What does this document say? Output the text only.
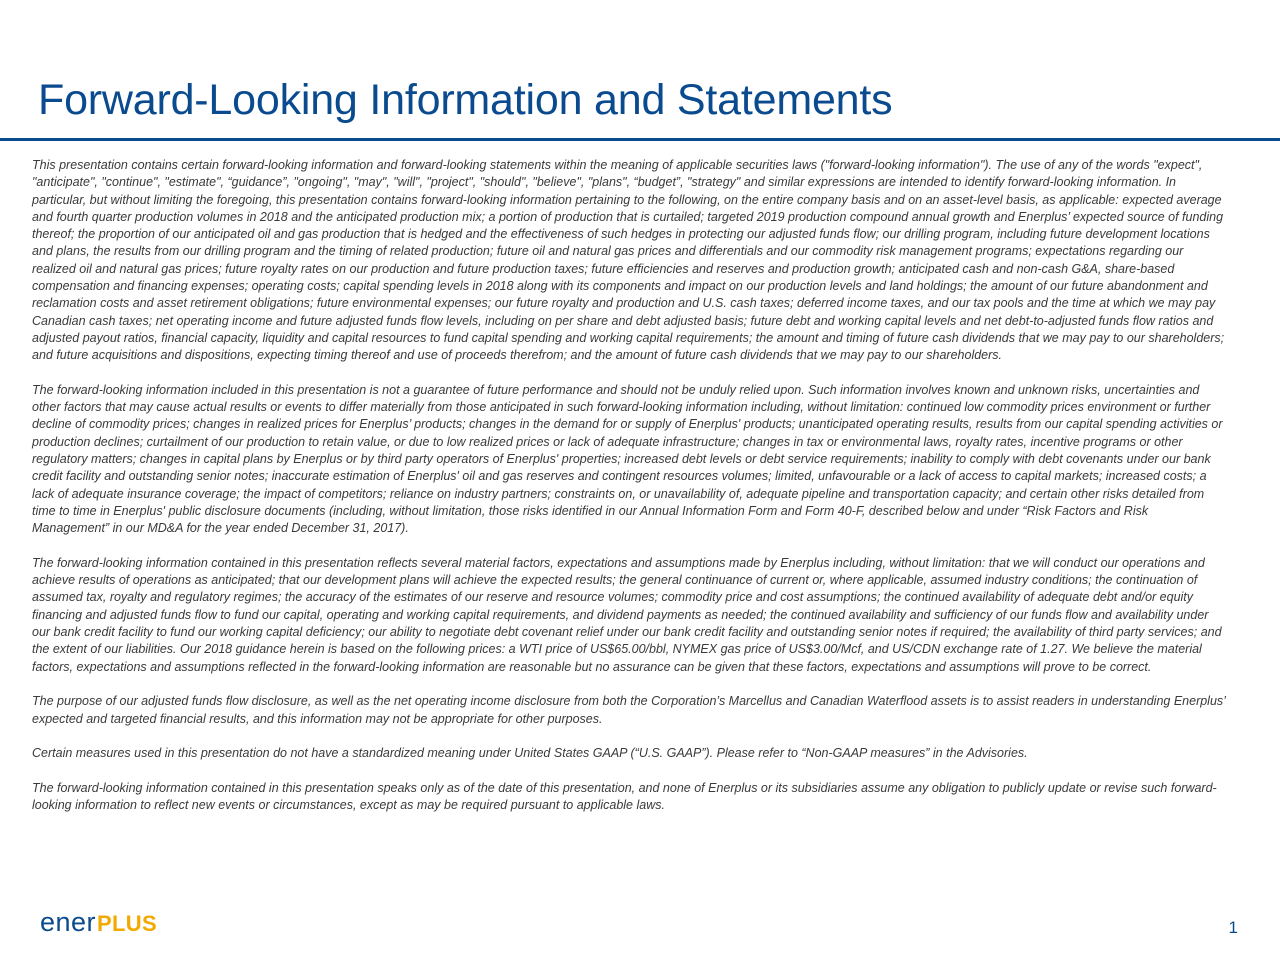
Forward-Looking Information and Statements

This presentation contains certain forward-looking information and forward-looking statements within the meaning of applicable securities laws ("forward-looking information"). The use of any of the words "expect", "anticipate", "continue", "estimate", “guidance”, "ongoing", "may", "will", "project", "should", "believe", "plans", “budget”, "strategy" and similar expressions are intended to identify forward-looking information. In particular, but without limiting the foregoing, this presentation contains forward-looking information pertaining to the following, on the entire company basis and on an asset-level basis, as applicable: expected average and fourth quarter production volumes in 2018 and the anticipated production mix; a portion of production that is curtailed; targeted 2019 production compound annual growth and Enerplus’ expected source of funding thereof; the proportion of our anticipated oil and gas production that is hedged and the effectiveness of such hedges in protecting our adjusted funds flow; our drilling program, including future development locations and plans, the results from our drilling program and the timing of related production; future oil and natural gas prices and differentials and our commodity risk management programs; expectations regarding our realized oil and natural gas prices; future royalty rates on our production and future production taxes; future efficiencies and reserves and production growth; anticipated cash and non-cash G&A, share-based compensation and financing expenses; operating costs; capital spending levels in 2018 along with its components and impact on our production levels and land holdings; the amount of our future abandonment and reclamation costs and asset retirement obligations; future environmental expenses; our future royalty and production and U.S. cash taxes; deferred income taxes, and our tax pools and the time at which we may pay Canadian cash taxes; net operating income and future adjusted funds flow levels, including on per share and debt adjusted basis; future debt and working capital levels and net debt-to-adjusted funds flow ratios and adjusted payout ratios, financial capacity, liquidity and capital resources to fund capital spending and working capital requirements; the amount and timing of future cash dividends that we may pay to our shareholders; and future acquisitions and dispositions, expecting timing thereof and use of proceeds therefrom; and the amount of future cash dividends that we may pay to our shareholders.

The forward-looking information included in this presentation is not a guarantee of future performance and should not be unduly relied upon. Such information involves known and unknown risks, uncertainties and other factors that may cause actual results or events to differ materially from those anticipated in such forward-looking information including, without limitation: continued low commodity prices environment or further decline of commodity prices; changes in realized prices for Enerplus’ products; changes in the demand for or supply of Enerplus' products; unanticipated operating results, results from our capital spending activities or production declines; curtailment of our production to retain value, or due to low realized prices or lack of adequate infrastructure; changes in tax or environmental laws, royalty rates, incentive programs or other regulatory matters; changes in capital plans by Enerplus or by third party operators of Enerplus' properties; increased debt levels or debt service requirements; inability to comply with debt covenants under our bank credit facility and outstanding senior notes; inaccurate estimation of Enerplus' oil and gas reserves and contingent resources volumes; limited, unfavourable or a lack of access to capital markets; increased costs; a lack of adequate insurance coverage; the impact of competitors; reliance on industry partners; constraints on, or unavailability of, adequate pipeline and transportation capacity; and certain other risks detailed from time to time in Enerplus' public disclosure documents (including, without limitation, those risks identified in our Annual Information Form and Form 40-F, described below and under “Risk Factors and Risk Management” in our MD&A for the year ended December 31, 2017).

The forward-looking information contained in this presentation reflects several material factors, expectations and assumptions made by Enerplus including, without limitation: that we will conduct our operations and achieve results of operations as anticipated; that our development plans will achieve the expected results; the general continuance of current or, where applicable, assumed industry conditions; the continuation of assumed tax, royalty and regulatory regimes; the accuracy of the estimates of our reserve and resource volumes; commodity price and cost assumptions; the continued availability of adequate debt and/or equity financing and adjusted funds flow to fund our capital, operating and working capital requirements, and dividend payments as needed; the continued availability and sufficiency of our funds flow and availability under our bank credit facility to fund our working capital deficiency; our ability to negotiate debt covenant relief under our bank credit facility and outstanding senior notes if required; the availability of third party services; and the extent of our liabilities. Our 2018 guidance herein is based on the following prices: a WTI price of US$65.00/bbl, NYMEX gas price of US$3.00/Mcf, and US/CDN exchange rate of 1.27. We believe the material factors, expectations and assumptions reflected in the forward-looking information are reasonable but no assurance can be given that these factors, expectations and assumptions will prove to be correct.

The purpose of our adjusted funds flow disclosure, as well as the net operating income disclosure from both the Corporation’s Marcellus and Canadian Waterflood assets is to assist readers in understanding Enerplus’ expected and targeted financial results, and this information may not be appropriate for other purposes.

Certain measures used in this presentation do not have a standardized meaning under United States GAAP (“U.S. GAAP”). Please refer to “Non-GAAP measures” in the Advisories.

The forward-looking information contained in this presentation speaks only as of the date of this presentation, and none of Enerplus or its subsidiaries assume any obligation to publicly update or revise such forward-looking information to reflect new events or circumstances, except as may be required pursuant to applicable laws.

ener PLUS	1
